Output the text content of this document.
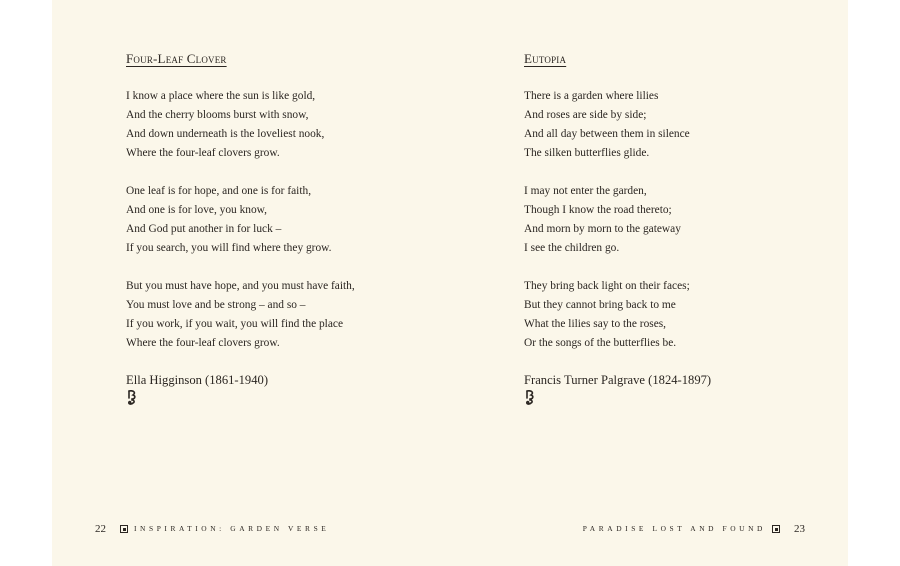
Four-Leaf Clover
I know a place where the sun is like gold,
And the cherry blooms burst with snow,
And down underneath is the loveliest nook,
Where the four-leaf clovers grow.
One leaf is for hope, and one is for faith,
And one is for love, you know,
And God put another in for luck –
If you search, you will find where they grow.
But you must have hope, and you must have faith,
You must love and be strong – and so –
If you work, if you wait, you will find the place
Where the four-leaf clovers grow.
Ella Higginson (1861-1940)
22	INSPIRATION: GARDEN VERSE
Eutopia
There is a garden where lilies
And roses are side by side;
And all day between them in silence
The silken butterflies glide.
I may not enter the garden,
Though I know the road thereto;
And morn by morn to the gateway
I see the children go.
They bring back light on their faces;
But they cannot bring back to me
What the lilies say to the roses,
Or the songs of the butterflies be.
Francis Turner Palgrave (1824-1897)
PARADISE LOST AND FOUND	23
